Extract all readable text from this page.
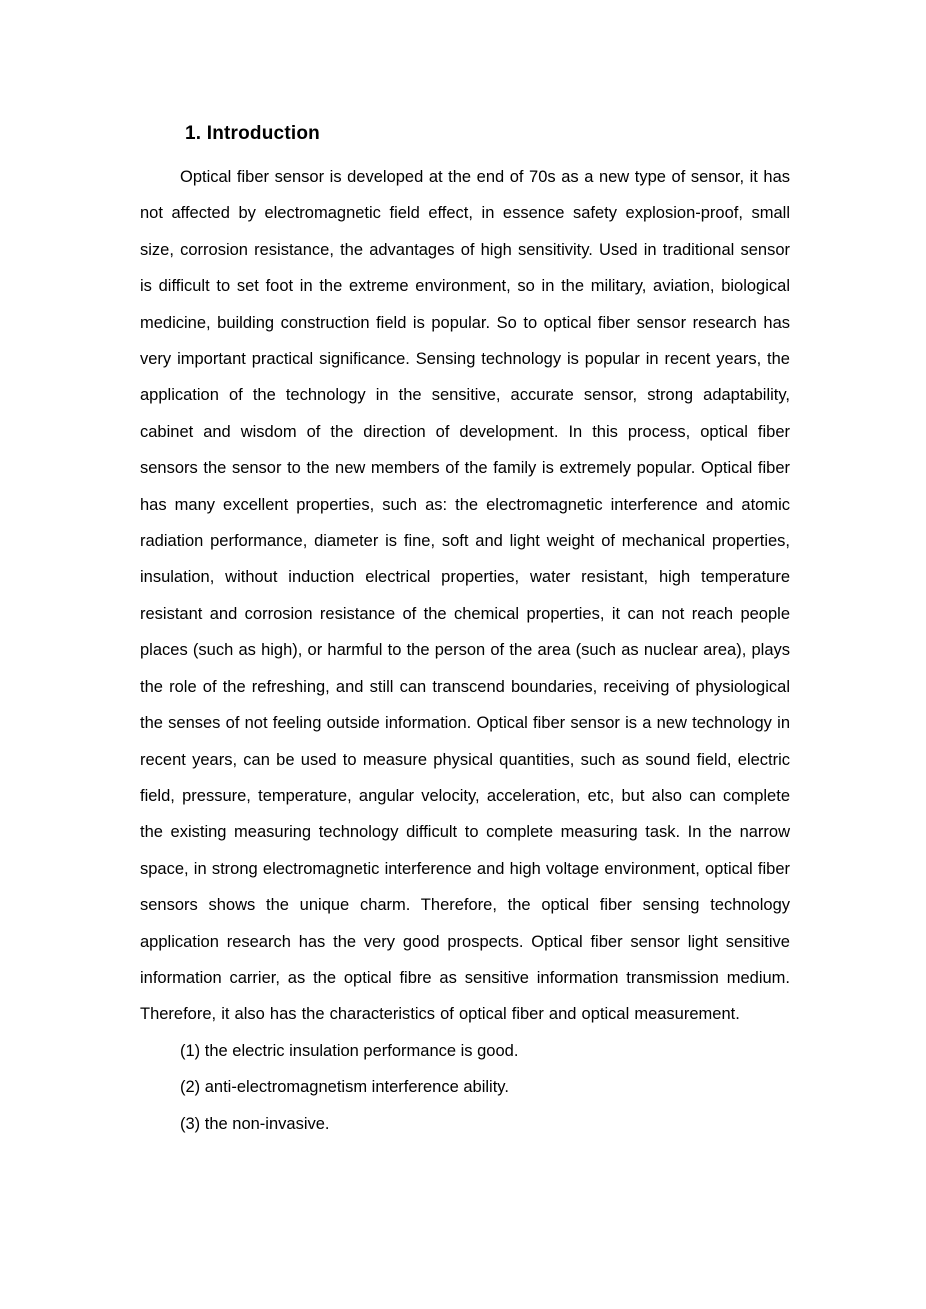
1. Introduction

Optical fiber sensor is developed at the end of 70s as a new type of sensor, it has not affected by electromagnetic field effect, in essence safety explosion-proof, small size, corrosion resistance, the advantages of high sensitivity. Used in traditional sensor is difficult to set foot in the extreme environment, so in the military, aviation, biological medicine, building construction field is popular. So to optical fiber sensor research has very important practical significance. Sensing technology is popular in recent years, the application of the technology in the sensitive, accurate sensor, strong adaptability, cabinet and wisdom of the direction of development. In this process, optical fiber sensors the sensor to the new members of the family is extremely popular. Optical fiber has many excellent properties, such as: the electromagnetic interference and atomic radiation performance, diameter is fine, soft and light weight of mechanical properties, insulation, without induction electrical properties, water resistant, high temperature resistant and corrosion resistance of the chemical properties, it can not reach people places (such as high), or harmful to the person of the area (such as nuclear area), plays the role of the refreshing, and still can transcend boundaries, receiving of physiological the senses of not feeling outside information. Optical fiber sensor is a new technology in recent years, can be used to measure physical quantities, such as sound field, electric field, pressure, temperature, angular velocity, acceleration, etc, but also can complete the existing measuring technology difficult to complete measuring task. In the narrow space, in strong electromagnetic interference and high voltage environment, optical fiber sensors shows the unique charm. Therefore, the optical fiber sensing technology application research has the very good prospects. Optical fiber sensor light sensitive information carrier, as the optical fibre as sensitive information transmission medium. Therefore, it also has the characteristics of optical fiber and optical measurement.

(1) the electric insulation performance is good.
(2) anti-electromagnetism interference ability.
(3) the non-invasive.
